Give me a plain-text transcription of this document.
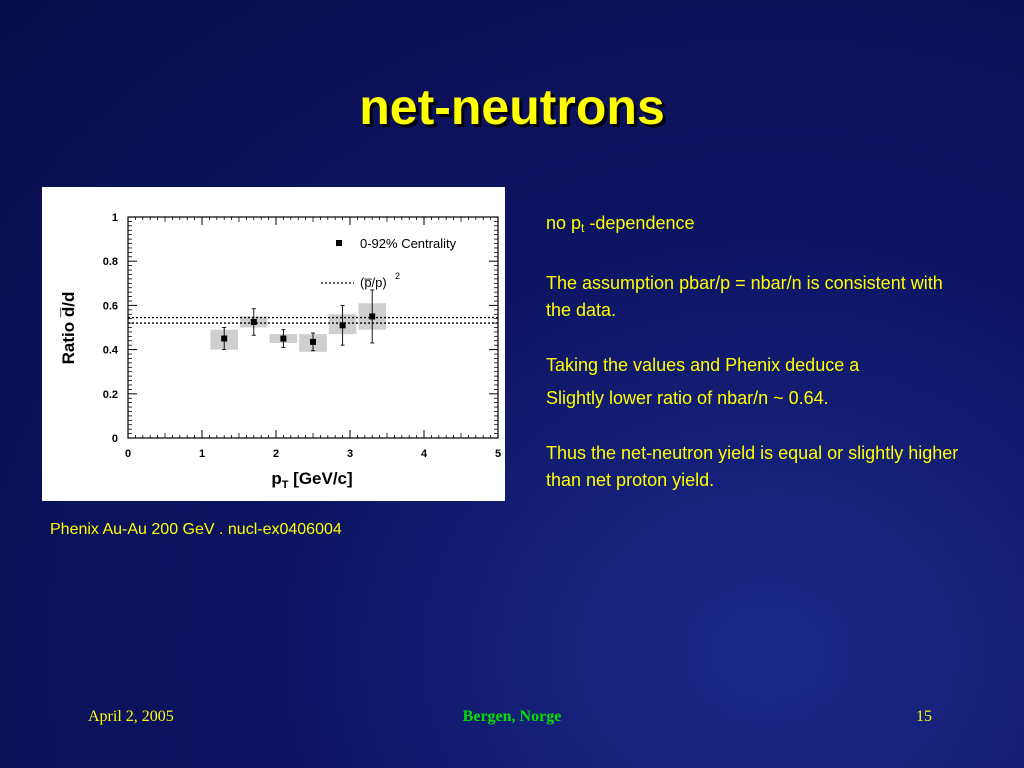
net-neutrons
0	1	2	3	4	5
0
0.2
0.4
0.6
0.8
1
$p_T$ [GeV/c]
Ratio d̅/d
0-92% Centrality
(p̅/p) 2
Phenix Au-Au 200 GeV . nucl-ex0406004

no $p_t$ -dependence

The assumption pbar/p = nbar/n is consistent with the data.

Taking the values and Phenix deduce a

Slightly lower ratio of nbar/n ~ 0.64.

Thus the net-neutron yield is equal or slightly higher than net proton yield.

April 2, 2005	Bergen, Norge	15
